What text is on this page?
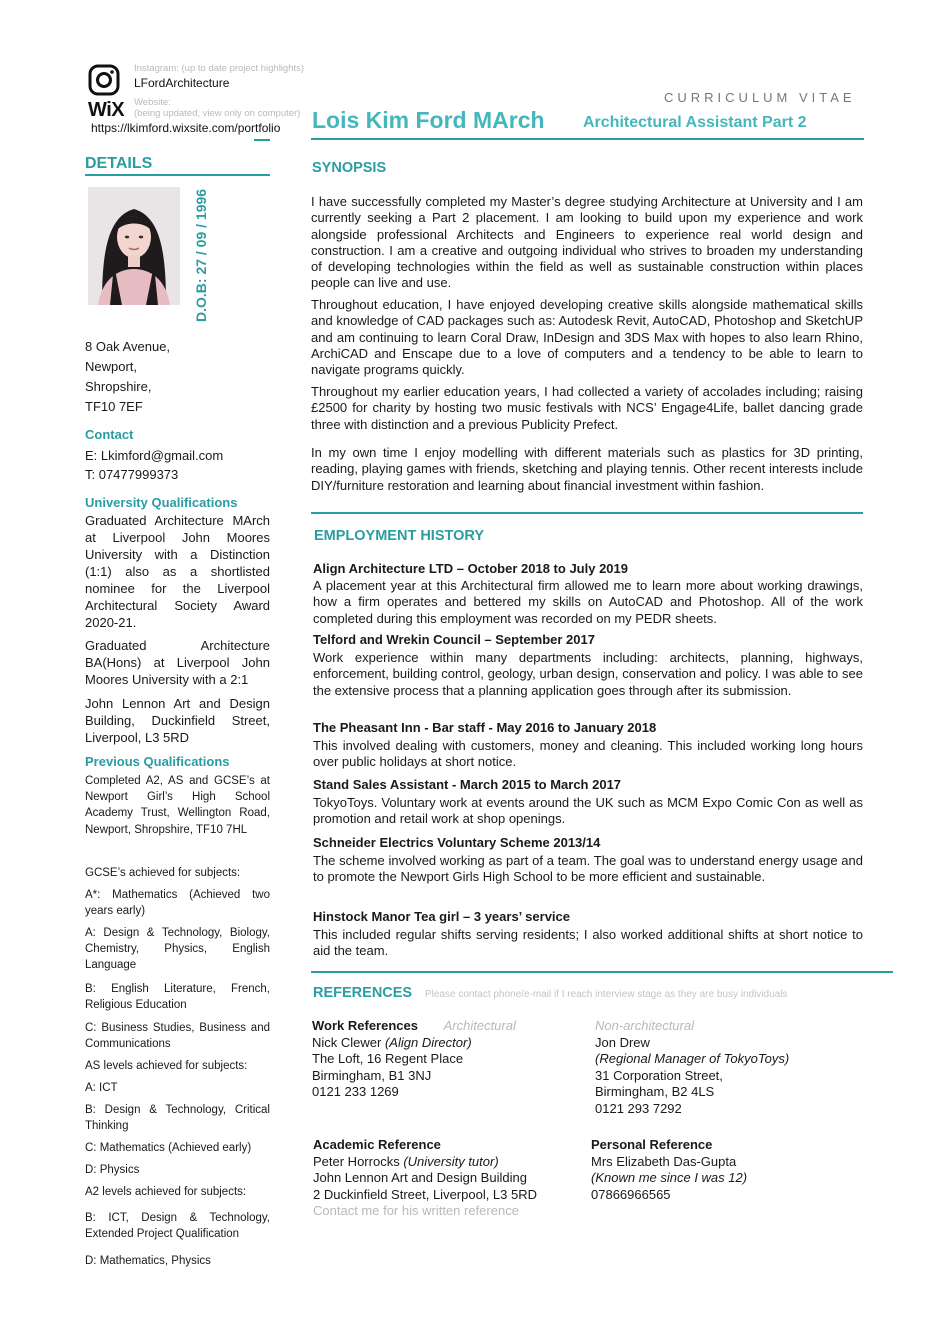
Instagram: (up to date project highlights)
LFordArchitecture
WiX Website:
(being updated, view only on computer)
https://lkimford.wixsite.com/portfolio
CURRICULUM VITAE
Lois Kim Ford MArch Architectural Assistant Part 2
DETAILS
D.O.B: 27 / 09 / 1996
8 Oak Avenue,
Newport,
Shropshire,
TF10 7EF
Contact
E: Lkimford@gmail.com
T: 07477999373
University Qualifications
Graduated Architecture MArch at Liverpool John Moores University with a Distinction (1:1) also as a shortlisted nominee for the Liverpool Architectural Society Award 2020-21.
Graduated Architecture BA(Hons) at Liverpool John Moores University with a 2:1
John Lennon Art and Design Building, Duckinfield Street, Liverpool, L3 5RD
Previous Qualifications
Completed A2, AS and GCSE’s at Newport Girl’s High School Academy Trust, Wellington Road, Newport, Shropshire, TF10 7HL
GCSE’s achieved for subjects:
A*: Mathematics (Achieved two years early)
A: Design & Technology, Biology, Chemistry, Physics, English Language
B: English Literature, French, Religious Education
C: Business Studies, Business and Communications
AS levels achieved for subjects:
A: ICT
B: Design & Technology, Critical Thinking
C: Mathematics (Achieved early)
D: Physics
A2 levels achieved for subjects:
B: ICT, Design & Technology, Extended Project Qualification
D: Mathematics, Physics
SYNOPSIS
I have successfully completed my Master’s degree studying Architecture at University and I am currently seeking a Part 2 placement. I am looking to build upon my experience and work alongside professional Architects and Engineers to experience real world design and construction. I am a creative and outgoing individual who strives to broaden my understanding of developing technologies within the field as well as sustainable construction within places people can live and use.
Throughout education, I have enjoyed developing creative skills alongside mathematical skills and knowledge of CAD packages such as: Autodesk Revit, AutoCAD, Photoshop and SketchUP and am continuing to learn Coral Draw, InDesign and 3DS Max with hopes to also learn Rhino, ArchiCAD and Enscape due to a love of computers and a tendency to be able to learn to navigate programs quickly.
Throughout my earlier education years, I had collected a variety of accolades including; raising £2500 for charity by hosting two music festivals with NCS’ Engage4Life, ballet dancing grade three with distinction and a previous Publicity Prefect.
In my own time I enjoy modelling with different materials such as plastics for 3D printing, reading, playing games with friends, sketching and playing tennis. Other recent interests include DIY/furniture restoration and learning about financial investment within fashion.
EMPLOYMENT HISTORY
Align Architecture LTD – October 2018 to July 2019
A placement year at this Architectural firm allowed me to learn more about working drawings, how a firm operates and bettered my skills on AutoCAD and Photoshop. All of the work completed during this employment was recorded on my PEDR sheets.
Telford and Wrekin Council – September 2017
Work experience within many departments including: architects, planning, highways, enforcement, building control, geology, urban design, conservation and policy. I was able to see the extensive process that a planning application goes through after its submission.
The Pheasant Inn - Bar staff - May 2016 to January 2018
This involved dealing with customers, money and cleaning. This included working long hours over public holidays at short notice.
Stand Sales Assistant - March 2015 to March 2017
TokyoToys. Voluntary work at events around the UK such as MCM Expo Comic Con as well as promotion and retail work at shop openings.
Schneider Electrics Voluntary Scheme 2013/14
The scheme involved working as part of a team. The goal was to understand energy usage and to promote the Newport Girls High School to be more efficient and sustainable.
Hinstock Manor Tea girl – 3 years’ service
This included regular shifts serving residents; I also worked additional shifts at short notice to aid the team.
REFERENCES Please contact phone/e-mail if I reach interview stage as they are busy individuals
Work References Architectural
Nick Clewer (Align Director)
The Loft, 16 Regent Place
Birmingham, B1 3NJ
0121 233 1269
Non-architectural
Jon Drew
(Regional Manager of TokyoToys)
31 Corporation Street,
Birmingham, B2 4LS
0121 293 7292
Academic Reference
Peter Horrocks (University tutor)
John Lennon Art and Design Building
2 Duckinfield Street, Liverpool, L3 5RD
Contact me for his written reference
Personal Reference
Mrs Elizabeth Das-Gupta
(Known me since I was 12)
07866966565
